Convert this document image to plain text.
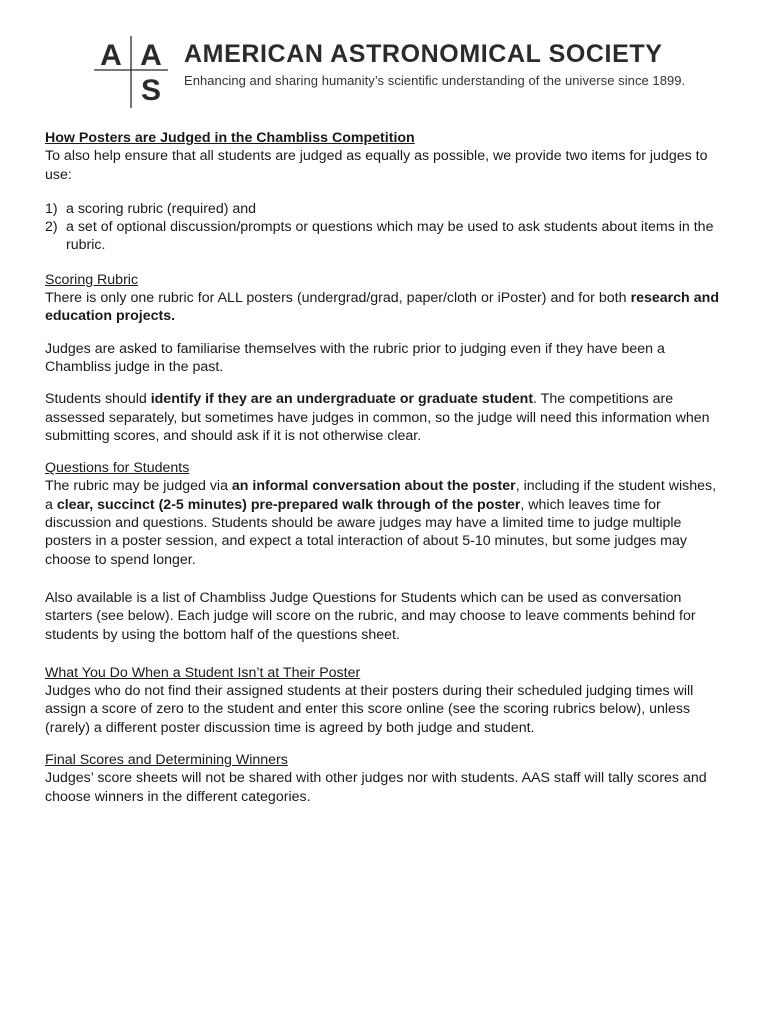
A A
S
AMERICAN ASTRONOMICAL SOCIETY
Enhancing and sharing humanity’s scientific understanding of the universe since 1899.

How Posters are Judged in the Chambliss Competition

To also help ensure that all students are judged as equally as possible, we provide two items for judges to use:

1) a scoring rubric (required) and
2) a set of optional discussion/prompts or questions which may be used to ask students about items in the rubric.

Scoring Rubric

There is only one rubric for ALL posters (undergrad/grad, paper/cloth or iPoster) and for both research and education projects.

Judges are asked to familiarise themselves with the rubric prior to judging even if they have been a Chambliss judge in the past.

Students should identify if they are an undergraduate or graduate student. The competitions are assessed separately, but sometimes have judges in common, so the judge will need this information when submitting scores, and should ask if it is not otherwise clear.

Questions for Students

The rubric may be judged via an informal conversation about the poster, including if the student wishes, a clear, succinct (2-5 minutes) pre-prepared walk through of the poster, which leaves time for discussion and questions. Students should be aware judges may have a limited time to judge multiple posters in a poster session, and expect a total interaction of about 5-10 minutes, but some judges may choose to spend longer.

Also available is a list of Chambliss Judge Questions for Students which can be used as conversation starters (see below). Each judge will score on the rubric, and may choose to leave comments behind for students by using the bottom half of the questions sheet.

What You Do When a Student Isn’t at Their Poster

Judges who do not find their assigned students at their posters during their scheduled judging times will assign a score of zero to the student and enter this score online (see the scoring rubrics below), unless (rarely) a different poster discussion time is agreed by both judge and student.

Final Scores and Determining Winners

Judges’ score sheets will not be shared with other judges nor with students. AAS staff will tally scores and choose winners in the different categories.
